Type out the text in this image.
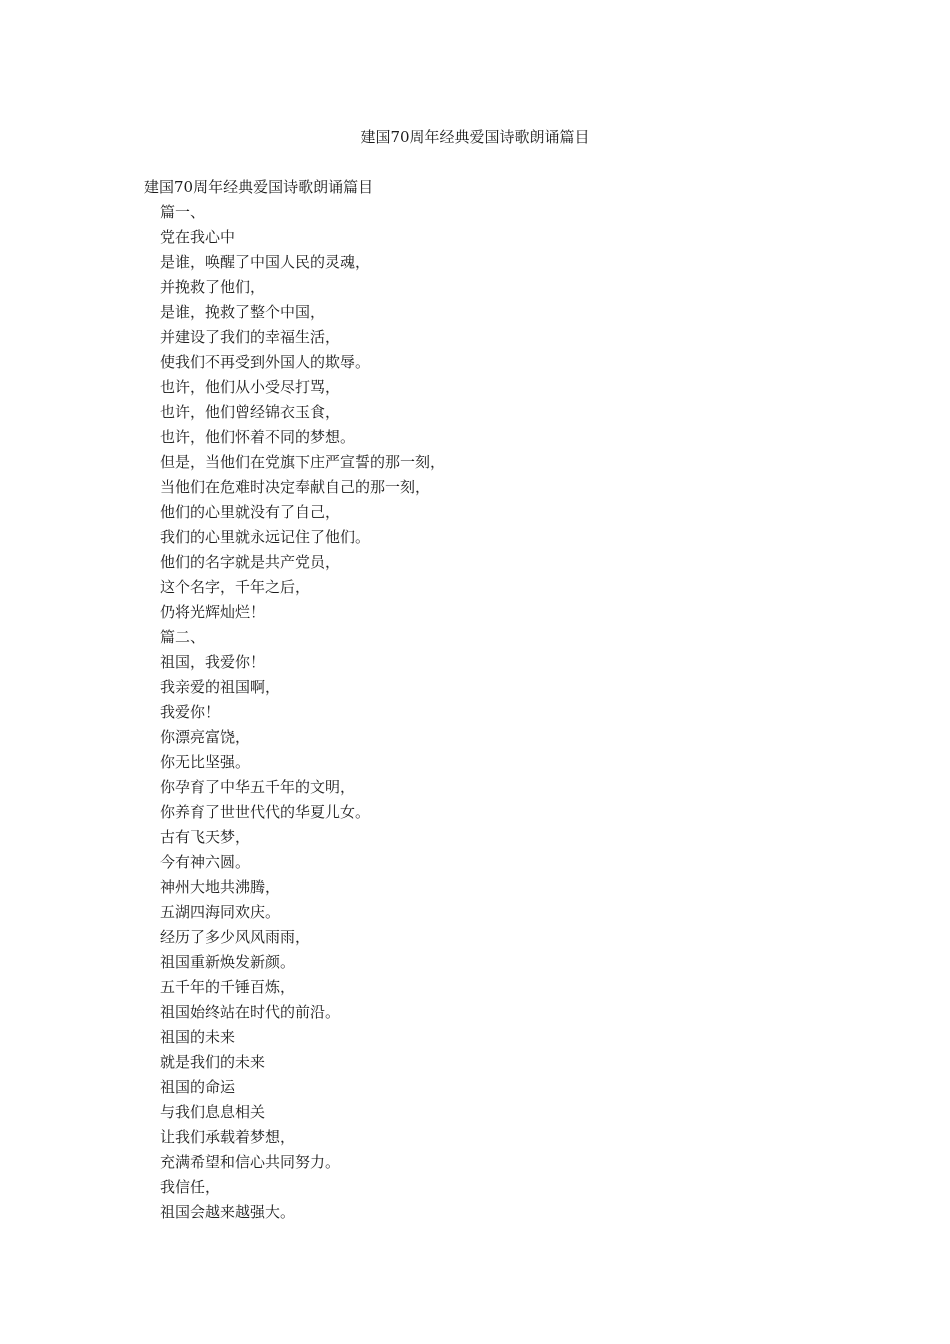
建国70周年经典爱国诗歌朗诵篇目
建国70周年经典爱国诗歌朗诵篇目
篇一、
党在我心中
是谁，唤醒了中国人民的灵魂，
并挽救了他们，
是谁，挽救了整个中国，
并建设了我们的幸福生活，
使我们不再受到外国人的欺辱。
也许，他们从小受尽打骂，
也许，他们曾经锦衣玉食，
也许，他们怀着不同的梦想。
但是，当他们在党旗下庄严宣誓的那一刻，
当他们在危难时决定奉献自己的那一刻，
他们的心里就没有了自己，
我们的心里就永远记住了他们。
他们的名字就是共产党员，
这个名字，千年之后，
仍将光辉灿烂！
篇二、
祖国，我爱你！
我亲爱的祖国啊，
我爱你！
你漂亮富饶，
你无比坚强。
你孕育了中华五千年的文明，
你养育了世世代代的华夏儿女。
古有飞天梦，
今有神六圆。
神州大地共沸腾，
五湖四海同欢庆。
经历了多少风风雨雨，
祖国重新焕发新颜。
五千年的千锤百炼，
祖国始终站在时代的前沿。
祖国的未来
就是我们的未来
祖国的命运
与我们息息相关
让我们承载着梦想，
充满希望和信心共同努力。
我信任，
祖国会越来越强大。
